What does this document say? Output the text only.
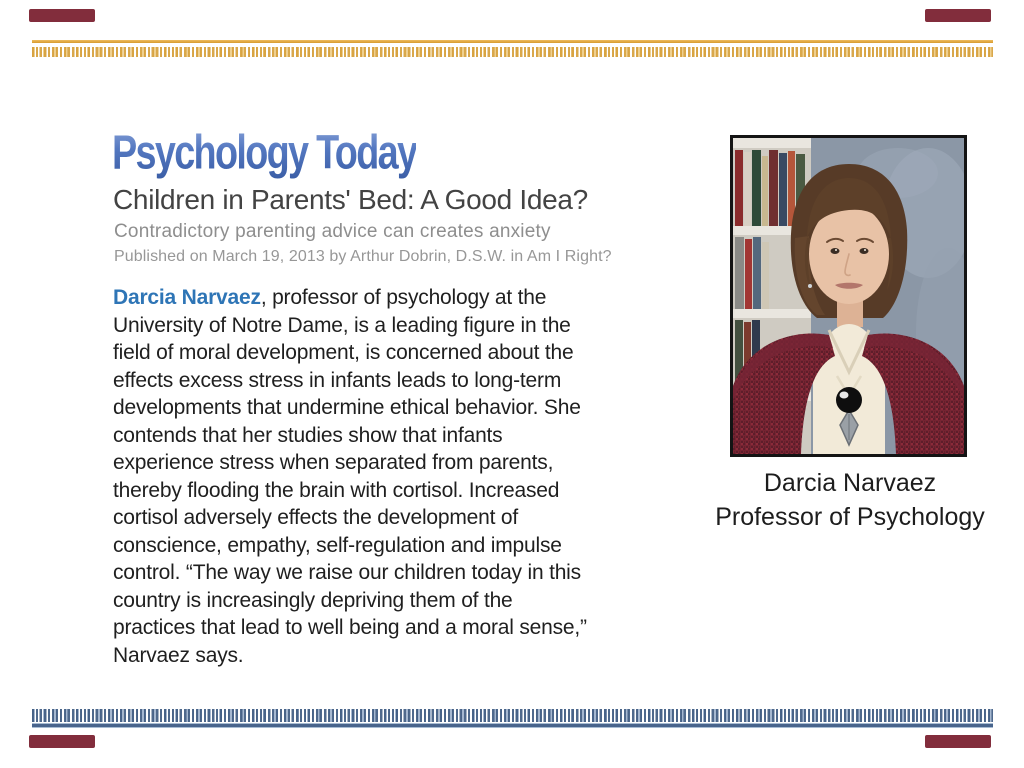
Psychology Today
Children in Parents' Bed: A Good Idea?
Contradictory parenting advice can creates anxiety
Published on March 19, 2013 by Arthur Dobrin, D.S.W. in Am I Right?
Darcia Narvaez, professor of psychology at the
University of Notre Dame, is a leading figure in the
field of moral development, is concerned about the
effects excess stress in infants leads to long-term
developments that undermine ethical behavior. She
contends that her studies show that infants
experience stress when separated from parents,
thereby flooding the brain with cortisol. Increased
cortisol adversely effects the development of
conscience, empathy, self-regulation and impulse
control. “The way we raise our children today in this
country is increasingly depriving them of the
practices that lead to well being and a moral sense,”
Narvaez says.
Darcia Narvaez
Professor of Psychology
